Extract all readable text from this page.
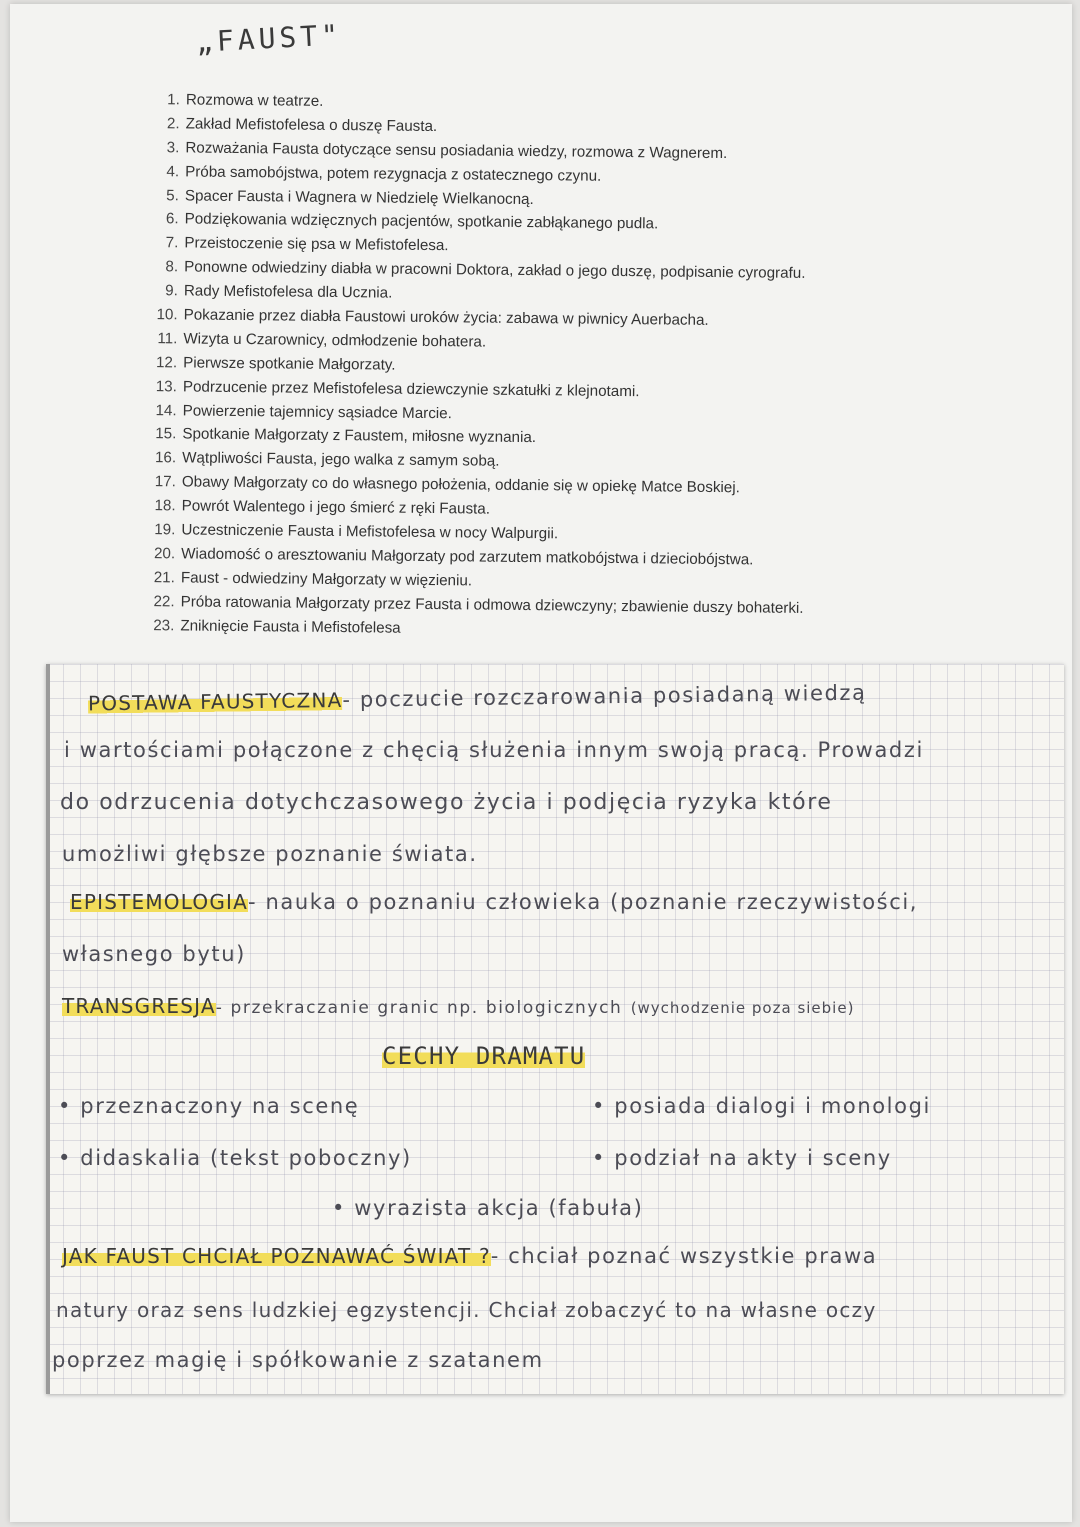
„FAUST"
1. Rozmowa w teatrze.
2. Zakład Mefistofelesa o duszę Fausta.
3. Rozważania Fausta dotyczące sensu posiadania wiedzy, rozmowa z Wagnerem.
4. Próba samobójstwa, potem rezygnacja z ostatecznego czynu.
5. Spacer Fausta i Wagnera w Niedzielę Wielkanocną.
6. Podziękowania wdzięcznych pacjentów, spotkanie zabłąkanego pudla.
7. Przeistoczenie się psa w Mefistofelesa.
8. Ponowne odwiedziny diabła w pracowni Doktora, zakład o jego duszę, podpisanie cyrografu.
9. Rady Mefistofelesa dla Ucznia.
10. Pokazanie przez diabła Faustowi uroków życia: zabawa w piwnicy Auerbacha.
11. Wizyta u Czarownicy, odmłodzenie bohatera.
12. Pierwsze spotkanie Małgorzaty.
13. Podrzucenie przez Mefistofelesa dziewczynie szkatułki z klejnotami.
14. Powierzenie tajemnicy sąsiadce Marcie.
15. Spotkanie Małgorzaty z Faustem, miłosne wyznania.
16. Wątpliwości Fausta, jego walka z samym sobą.
17. Obawy Małgorzaty co do własnego położenia, oddanie się w opiekę Matce Boskiej.
18. Powrót Walentego i jego śmierć z ręki Fausta.
19. Uczestniczenie Fausta i Mefistofelesa w nocy Walpurgii.
20. Wiadomość o aresztowaniu Małgorzaty pod zarzutem matkobójstwa i dzieciobójstwa.
21. Faust - odwiedziny Małgorzaty w więzieniu.
22. Próba ratowania Małgorzaty przez Fausta i odmowa dziewczyny; zbawienie duszy bohaterki.
23. Zniknięcie Fausta i Mefistofelesa
POSTAWA FAUSTYCZNA- poczucie rozczarowania posiadaną wiedzą
i wartościami połączone z chęcią służenia innym swoją pracą. Prowadzi
do odrzucenia dotychczasowego życia i podjęcia ryzyka które
umożliwi głębsze poznanie świata.
EPISTEMOLOGIA- nauka o poznaniu człowieka (poznanie rzeczywistości,
własnego bytu)
TRANSGRESJA- przekraczanie granic np. biologicznych (wychodzenie poza siebie)
CECHY DRAMATU
• przeznaczony na scenę
• didaskalia (tekst poboczny)
• posiada dialogi i monologi
• podział na akty i sceny
• wyrazista akcja (fabuła)
JAK FAUST CHCIAŁ POZNAWAĆ ŚWIAT ?- chciał poznać wszystkie prawa
natury oraz sens ludzkiej egzystencji. Chciał zobaczyć to na własne oczy
poprzez magię i spółkowanie z szatanem
